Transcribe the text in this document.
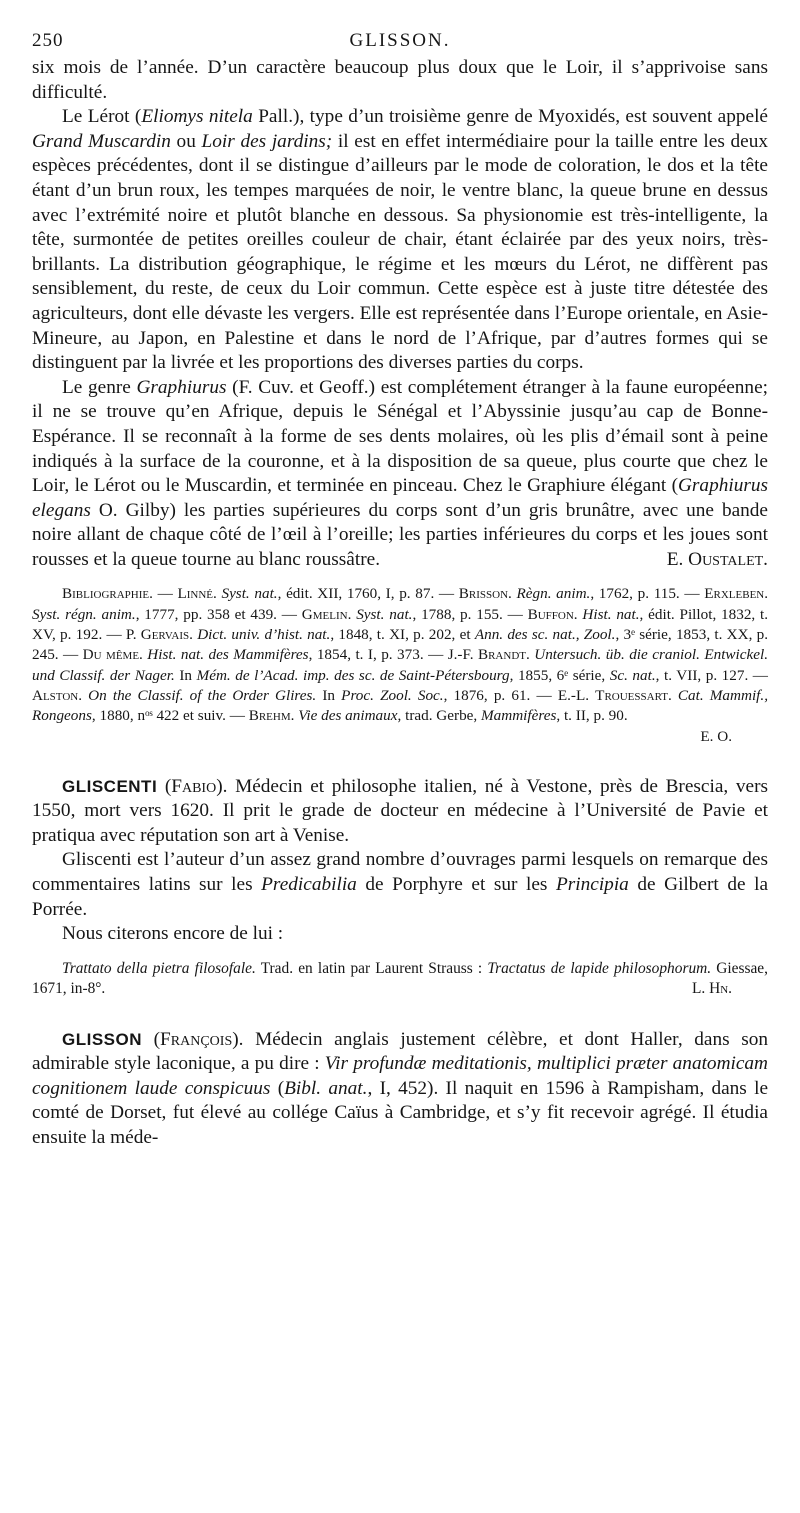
250	GLISSON.

six mois de l’année. D’un caractère beaucoup plus doux que le Loir, il s’apprivoise sans difficulté.

Le Lérot (Eliomys nitela Pall.), type d’un troisième genre de Myoxidés, est souvent appelé Grand Muscardin ou Loir des jardins; il est en effet intermédiaire pour la taille entre les deux espèces précédentes, dont il se distingue d’ailleurs par le mode de coloration, le dos et la tête étant d’un brun roux, les tempes marquées de noir, le ventre blanc, la queue brune en dessus avec l’extrémité noire et plutôt blanche en dessous. Sa physionomie est très-intelligente, la tête, surmontée de petites oreilles couleur de chair, étant éclairée par des yeux noirs, très-brillants. La distribution géographique, le régime et les mœurs du Lérot, ne diffèrent pas sensiblement, du reste, de ceux du Loir commun. Cette espèce est à juste titre détestée des agriculteurs, dont elle dévaste les vergers. Elle est représentée dans l’Europe orientale, en Asie-Mineure, au Japon, en Palestine et dans le nord de l’Afrique, par d’autres formes qui se distinguent par la livrée et les proportions des diverses parties du corps.

Le genre Graphiurus (F. Cuv. et Geoff.) est complétement étranger à la faune européenne; il ne se trouve qu’en Afrique, depuis le Sénégal et l’Abyssinie jusqu’au cap de Bonne-Espérance. Il se reconnaît à la forme de ses dents molaires, où les plis d’émail sont à peine indiqués à la surface de la couronne, et à la disposition de sa queue, plus courte que chez le Loir, le Lérot ou le Muscardin, et terminée en pinceau. Chez le Graphiure élégant (Graphiurus elegans O. Gilby) les parties supérieures du corps sont d’un gris brunâtre, avec une bande noire allant de chaque côté de l’œil à l’oreille; les parties inférieures du corps et les joues sont rousses et la queue tourne au blanc roussâtre.	E. Oustalet.

Bibliographie. — Linné. Syst. nat., édit. XII, 1760, I, p. 87. — Brisson. Règn. anim., 1762, p. 115. — Erxleben. Syst. régn. anim., 1777, pp. 358 et 439. — Gmelin. Syst. nat., 1788, p. 155. — Buffon. Hist. nat., édit. Pillot, 1832, t. XV, p. 192. — P. Gervais. Dict. univ. d’hist. nat., 1848, t. XI, p. 202, et Ann. des sc. nat., Zool., 3ᵉ série, 1853, t. XX, p. 245. — Du même. Hist. nat. des Mammifères, 1854, t. I, p. 373. — J.-F. Brandt. Untersuch. üb. die craniol. Entwickel. und Classif. der Nager. In Mém. de l’Acad. imp. des sc. de Saint-Pétersbourg, 1855, 6ᵉ série, Sc. nat., t. VII, p. 127. — Alston. On the Classif. of the Order Glires. In Proc. Zool. Soc., 1876, p. 61. — E.-L. Trouessart. Cat. Mammif., Rongeons, 1880, nᵒˢ 422 et suiv. — Brehm. Vie des animaux, trad. Gerbe, Mammifères, t. II, p. 90.

E. O.

GLISCENTI (Fabio). Médecin et philosophe italien, né à Vestone, près de Brescia, vers 1550, mort vers 1620. Il prit le grade de docteur en médecine à l’Université de Pavie et pratiqua avec réputation son art à Venise.

Gliscenti est l’auteur d’un assez grand nombre d’ouvrages parmi lesquels on remarque des commentaires latins sur les Predicabilia de Porphyre et sur les Principia de Gilbert de la Porrée.

Nous citerons encore de lui :

Trattato della pietra filosofale. Trad. en latin par Laurent Strauss : Tractatus de lapide philosophorum. Giessae, 1671, in-8°.	L. Hn.

GLISSON (François). Médecin anglais justement célèbre, et dont Haller, dans son admirable style laconique, a pu dire : Vir profundæ meditationis, multiplici præter anatomicam cognitionem laude conspicuus (Bibl. anat., I, 452). Il naquit en 1596 à Rampisham, dans le comté de Dorset, fut élevé au collége Caïus à Cambridge, et s’y fit recevoir agrégé. Il étudia ensuite la méde-
